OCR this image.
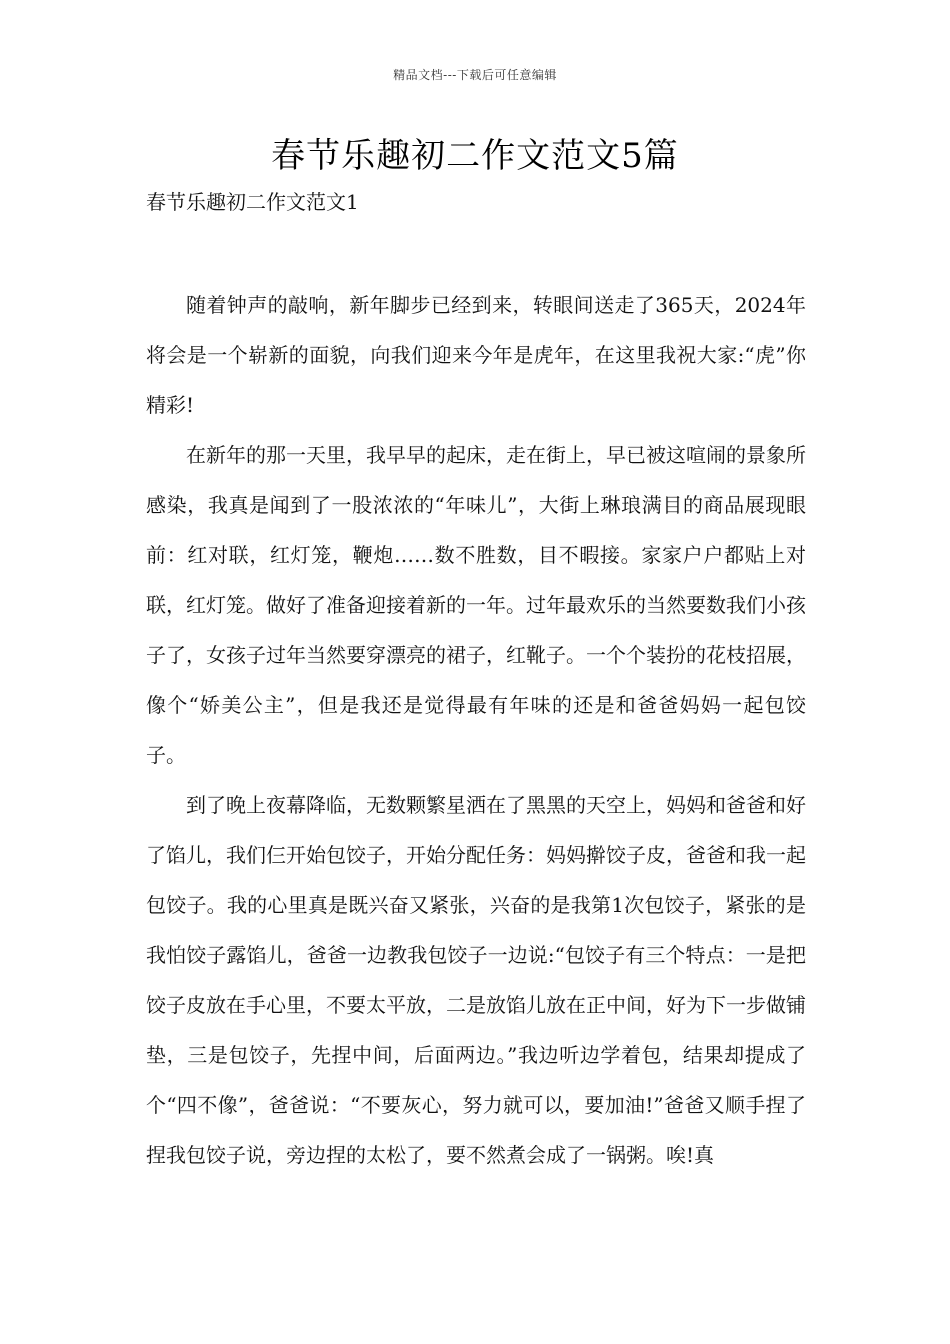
精品文档---下载后可任意编辑
春节乐趣初二作文范文5篇
春节乐趣初二作文范文1

随着钟声的敲响，新年脚步已经到来，转眼间送走了365天，2024年将会是一个崭新的面貌，向我们迎来今年是虎年，在这里我祝大家:“虎”你精彩!

在新年的那一天里，我早早的起床，走在街上，早已被这喧闹的景象所感染，我真是闻到了一股浓浓的“年味儿”，大街上琳琅满目的商品展现眼前：红对联，红灯笼，鞭炮……数不胜数，目不暇接。家家户户都贴上对联，红灯笼。做好了准备迎接着新的一年。过年最欢乐的当然要数我们小孩子了，女孩子过年当然要穿漂亮的裙子，红靴子。一个个装扮的花枝招展，像个“娇美公主”，但是我还是觉得最有年味的还是和爸爸妈妈一起包饺子。

到了晚上夜幕降临，无数颗繁星洒在了黑黑的天空上，妈妈和爸爸和好了馅儿，我们仨开始包饺子，开始分配任务：妈妈擀饺子皮，爸爸和我一起包饺子。我的心里真是既兴奋又紧张，兴奋的是我第1次包饺子，紧张的是我怕饺子露馅儿，爸爸一边教我包饺子一边说:“包饺子有三个特点：一是把饺子皮放在手心里，不要太平放，二是放馅儿放在正中间，好为下一步做铺垫，三是包饺子，先捏中间，后面两边。”我边听边学着包，结果却提成了个“四不像”，爸爸说：“不要灰心，努力就可以，要加油!”爸爸又顺手捏了捏我包饺子说，旁边捏的太松了，要不然煮会成了一锅粥。唉!真
